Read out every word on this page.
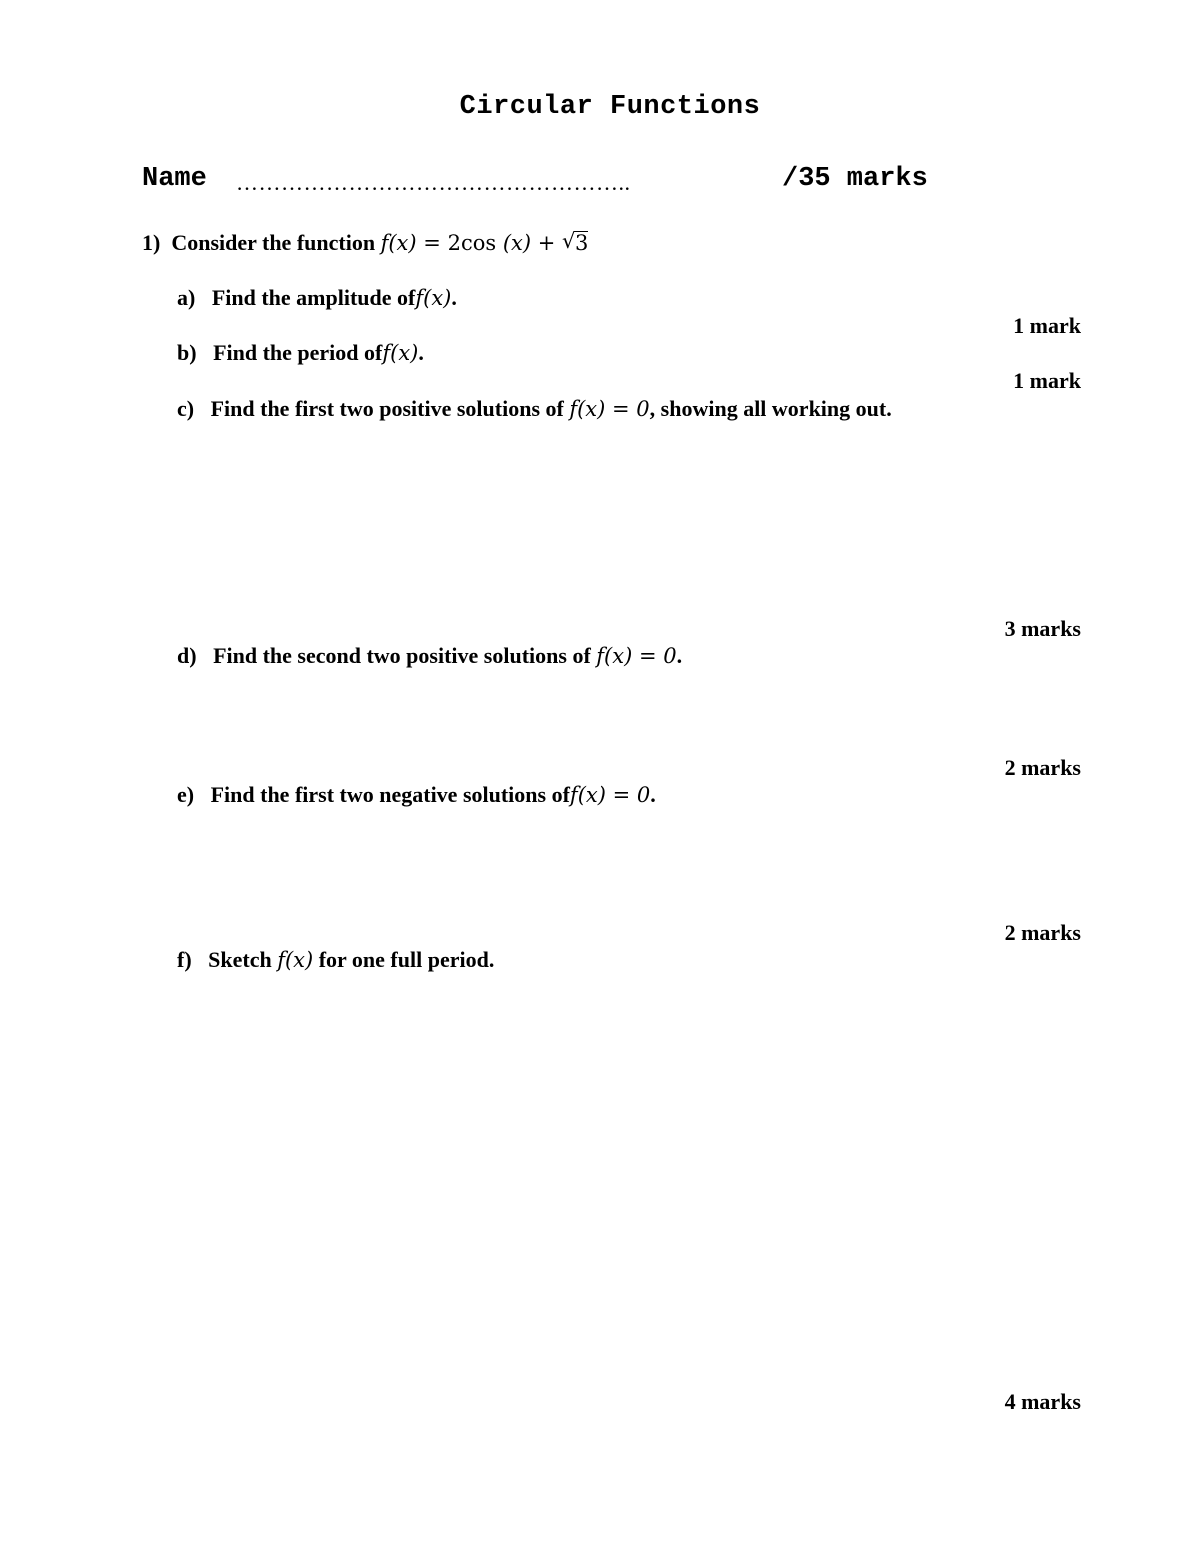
Circular Functions
Name ……………………………………………..	/35 marks
1) Consider the function f(x) = 2cos (x) + √ 3
a) Find the amplitude off(x).
1 mark
b) Find the period off(x).
1 mark
c) Find the first two positive solutions of f(x) = 0, showing all working out.
3 marks
d) Find the second two positive solutions of f(x) = 0.
2 marks
e) Find the first two negative solutions off(x) = 0.
2 marks
f) Sketch f(x) for one full period.
4 marks
